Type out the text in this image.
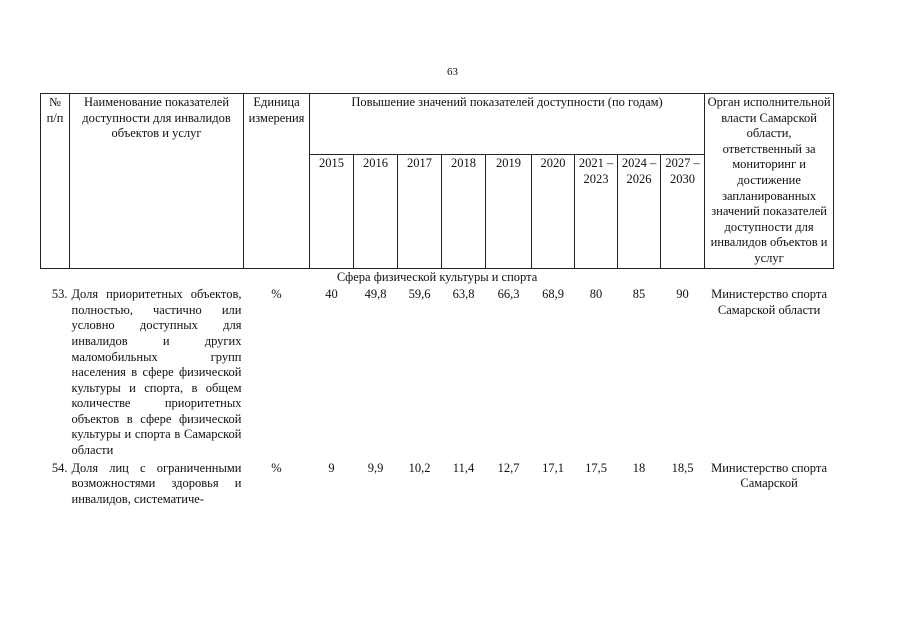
63
№ п/п	Наименование показателей доступности для инвалидов объектов и услуг	Единица измерения	Повышение значений показателей доступности (по годам)									Орган исполнительной власти Самарской области, ответственный за мониторинг и достижение запланированных значений показателей доступности для инвалидов объектов и услуг
			2015	2016	2017	2018	2019	2020	2021 – 2023	2024 – 2026	2027 – 2030	
Сфера физической культуры и спорта												
53.	Доля приоритетных объектов, полностью, частично или условно доступных для инвалидов и других маломобильных групп населения в сфере физической культуры и спорта, в общем количестве приоритетных объектов в сфере физической культуры и спорта в Самарской области	%	40	49,8	59,6	63,8	66,3	68,9	80	85	90	Министерство спорта Самарской области
54.	Доля лиц с ограниченными возможностями здоровья и инвалидов, систематиче-	%	9	9,9	10,2	11,4	12,7	17,1	17,5	18	18,5	Министерство спорта Самарской
